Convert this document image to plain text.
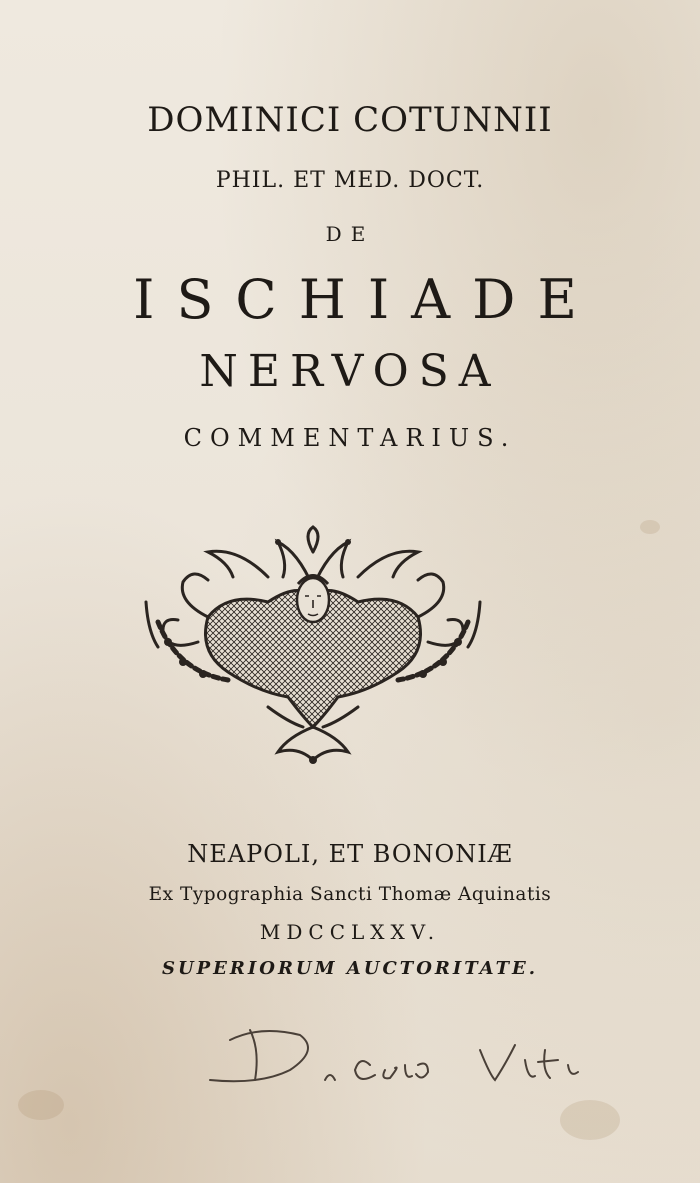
DOMINICI COTUNNII
PHIL. ET MED. DOCT.
DE
ISCHIADE
NERVOSA
COMMENTARIUS.
NEAPOLI, ET BONONIÆ
Ex Typographia Sancti Thomæ Aquinatis
MDCCLXXV.
SUPERIORUM AUCTORITATE.
